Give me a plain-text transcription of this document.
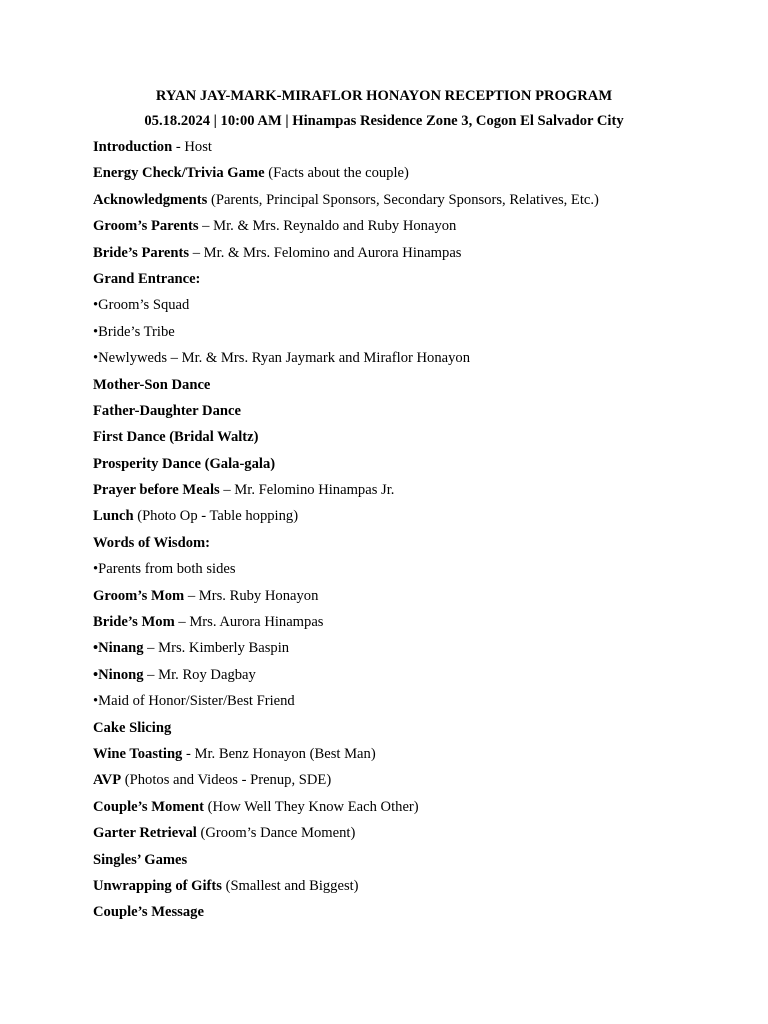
RYAN JAY-MARK-MIRAFLOR HONAYON RECEPTION PROGRAM
05.18.2024 | 10:00 AM | Hinampas Residence Zone 3, Cogon El Salvador City
Introduction - Host
Energy Check/Trivia Game (Facts about the couple)
Acknowledgments (Parents, Principal Sponsors, Secondary Sponsors, Relatives, Etc.)
Groom’s Parents – Mr. & Mrs. Reynaldo and Ruby Honayon
Bride’s Parents – Mr. & Mrs. Felomino and Aurora Hinampas
Grand Entrance:
•Groom’s Squad
•Bride’s Tribe
•Newlyweds – Mr. & Mrs. Ryan Jaymark and Miraflor Honayon
Mother-Son Dance
Father-Daughter Dance
First Dance (Bridal Waltz)
Prosperity Dance (Gala-gala)
Prayer before Meals – Mr. Felomino Hinampas Jr.
Lunch (Photo Op - Table hopping)
Words of Wisdom:
•Parents from both sides
Groom’s Mom – Mrs. Ruby Honayon
Bride’s Mom – Mrs. Aurora Hinampas
•Ninang – Mrs. Kimberly Baspin
•Ninong – Mr. Roy Dagbay
•Maid of Honor/Sister/Best Friend
Cake Slicing
Wine Toasting - Mr. Benz Honayon (Best Man)
AVP (Photos and Videos - Prenup, SDE)
Couple’s Moment (How Well They Know Each Other)
Garter Retrieval (Groom’s Dance Moment)
Singles’ Games
Unwrapping of Gifts (Smallest and Biggest)
Couple’s Message
